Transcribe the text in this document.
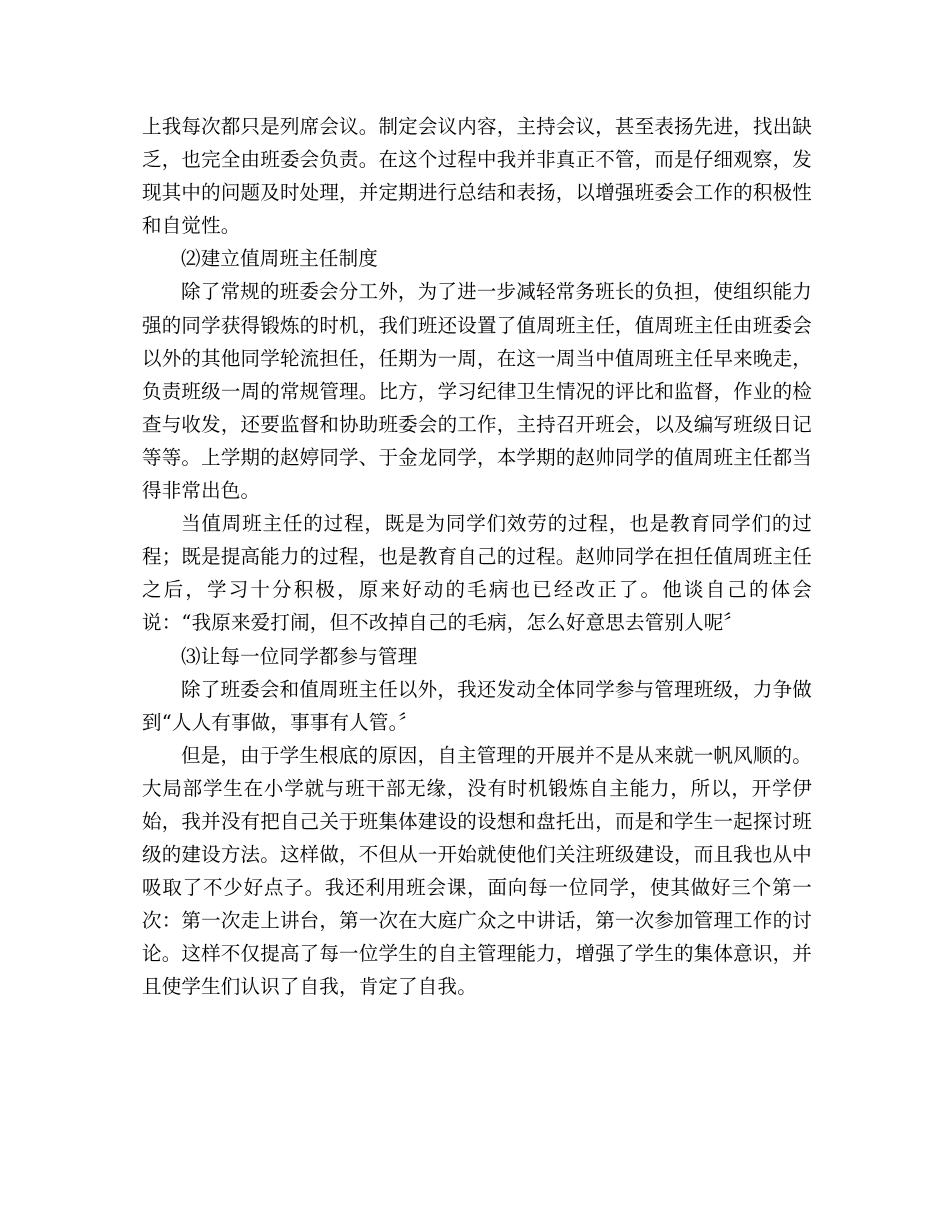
上我每次都只是列席会议。制定会议内容，主持会议，甚至表扬先进，找出缺乏，也完全由班委会负责。在这个过程中我并非真正不管，而是仔细观察，发现其中的问题及时处理，并定期进行总结和表扬，以增强班委会工作的积极性和自觉性。

⑵建立值周班主任制度

除了常规的班委会分工外，为了进一步减轻常务班长的负担，使组织能力强的同学获得锻炼的时机，我们班还设置了值周班主任，值周班主任由班委会以外的其他同学轮流担任，任期为一周，在这一周当中值周班主任早来晚走，负责班级一周的常规管理。比方，学习纪律卫生情况的评比和监督，作业的检查与收发，还要监督和协助班委会的工作，主持召开班会，以及编写班级日记等等。上学期的赵婷同学、于金龙同学，本学期的赵帅同学的值周班主任都当得非常出色。

当值周班主任的过程，既是为同学们效劳的过程，也是教育同学们的过程；既是提高能力的过程，也是教育自己的过程。赵帅同学在担任值周班主任之后，学习十分积极，原来好动的毛病也已经改正了。他谈自己的体会说：“我原来爱打闹，但不改掉自己的毛病，怎么好意思去管别人呢〞

⑶让每一位同学都参与管理

除了班委会和值周班主任以外，我还发动全体同学参与管理班级，力争做到“人人有事做，事事有人管。〞

但是，由于学生根底的原因，自主管理的开展并不是从来就一帆风顺的。大局部学生在小学就与班干部无缘，没有时机锻炼自主能力，所以，开学伊始，我并没有把自己关于班集体建设的设想和盘托出，而是和学生一起探讨班级的建设方法。这样做，不但从一开始就使他们关注班级建设，而且我也从中吸取了不少好点子。我还利用班会课，面向每一位同学，使其做好三个第一次：第一次走上讲台，第一次在大庭广众之中讲话，第一次参加管理工作的讨论。这样不仅提高了每一位学生的自主管理能力，增强了学生的集体意识，并且使学生们认识了自我，肯定了自我。
